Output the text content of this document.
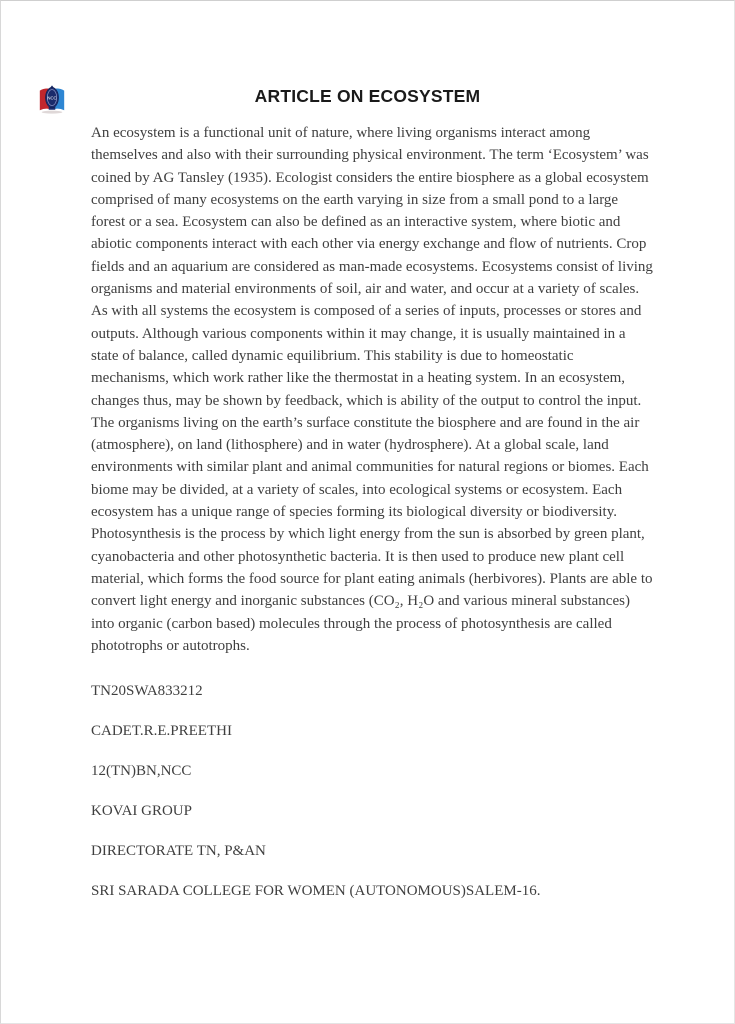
NCC	ARTICLE ON ECOSYSTEM

An ecosystem is a functional unit of nature, where living organisms interact among themselves and also with their surrounding physical environment. The term ‘Ecosystem’ was coined by AG Tansley (1935). Ecologist considers the entire biosphere as a global ecosystem comprised of many ecosystems on the earth varying in size from a small pond to a large forest or a sea. Ecosystem can also be defined as an interactive system, where biotic and abiotic components interact with each other via energy exchange and flow of nutrients. Crop fields and an aquarium are considered as man-made ecosystems. Ecosystems consist of living organisms and material environments of soil, air and water, and occur at a variety of scales. As with all systems the ecosystem is composed of a series of inputs, processes or stores and outputs. Although various components within it may change, it is usually maintained in a state of balance, called dynamic equilibrium. This stability is due to homeostatic mechanisms, which work rather like the thermostat in a heating system. In an ecosystem, changes thus, may be shown by feedback, which is ability of the output to control the input. The organisms living on the earth’s surface constitute the biosphere and are found in the air (atmosphere), on land (lithosphere) and in water (hydrosphere). At a global scale, land environments with similar plant and animal communities for natural regions or biomes. Each biome may be divided, at a variety of scales, into ecological systems or ecosystem. Each ecosystem has a unique range of species forming its biological diversity or biodiversity. Photosynthesis is the process by which light energy from the sun is absorbed by green plant, cyanobacteria and other photosynthetic bacteria. It is then used to produce new plant cell material, which forms the food source for plant eating animals (herbivores). Plants are able to convert light energy and inorganic substances (CO₂, H₂O and various mineral substances) into organic (carbon based) molecules through the process of photosynthesis are called phototrophs or autotrophs.

TN20SWA833212

CADET.R.E.PREETHI

12(TN)BN,NCC

KOVAI GROUP

DIRECTORATE TN, P&AN

SRI SARADA COLLEGE FOR WOMEN (AUTONOMOUS)SALEM-16.
